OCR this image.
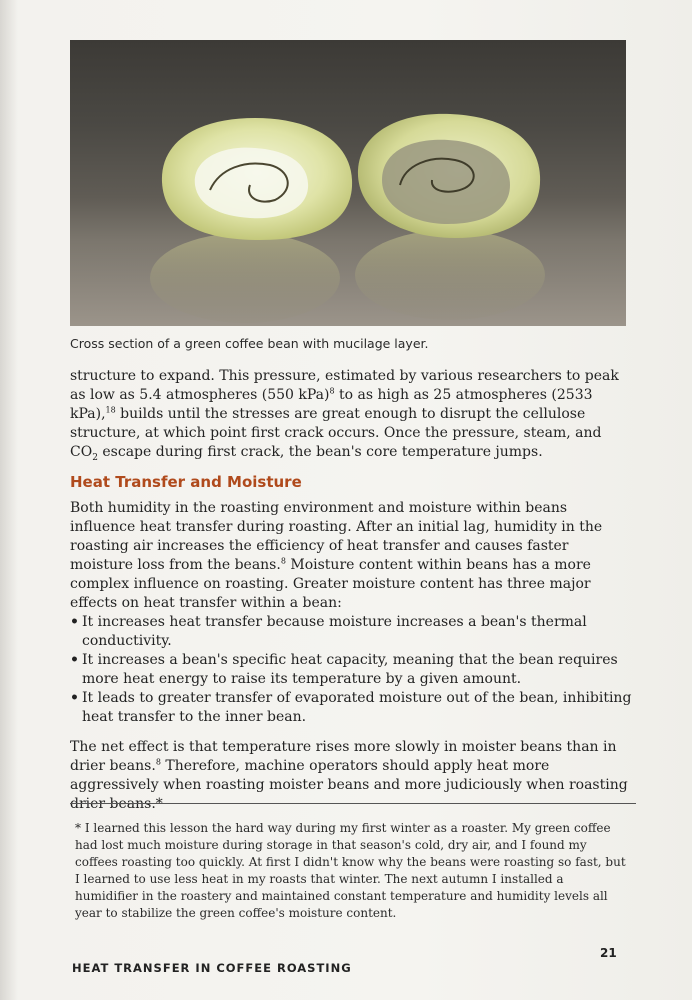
Cross section of a green coffee bean with mucilage layer.

structure to expand. This pressure, estimated by various researchers to peak as low as 5.4 atmospheres (550 kPa)$^8$ to as high as 25 atmospheres (2533 kPa),$^{18}$ builds until the stresses are great enough to disrupt the cellulose structure, at which point first crack occurs. Once the pressure, steam, and $CO_2$ escape during first crack, the bean's core temperature jumps.

Heat Transfer and Moisture

Both humidity in the roasting environment and moisture within beans influence heat transfer during roasting. After an initial lag, humidity in the roasting air increases the efficiency of heat transfer and causes faster moisture loss from the beans.$^8$ Moisture content within beans has a more complex influence on roasting. Greater moisture content has three major effects on heat transfer within a bean:

• It increases heat transfer because moisture increases a bean's thermal conductivity.
• It increases a bean's specific heat capacity, meaning that the bean requires more heat energy to raise its temperature by a given amount.
• It leads to greater transfer of evaporated moisture out of the bean, inhibiting heat transfer to the inner bean.

The net effect is that temperature rises more slowly in moister beans than in drier beans.$^8$ Therefore, machine operators should apply heat more aggressively when roasting moister beans and more judiciously when roasting drier beans.*

* I learned this lesson the hard way during my first winter as a roaster. My green coffee had lost much moisture during storage in that season's cold, dry air, and I found my coffees roasting too quickly. At first I didn't know why the beans were roasting so fast, but I learned to use less heat in my roasts that winter. The next autumn I installed a humidifier in the roastery and maintained constant temperature and humidity levels all year to stabilize the green coffee's moisture content.

21
HEAT TRANSFER IN COFFEE ROASTING
